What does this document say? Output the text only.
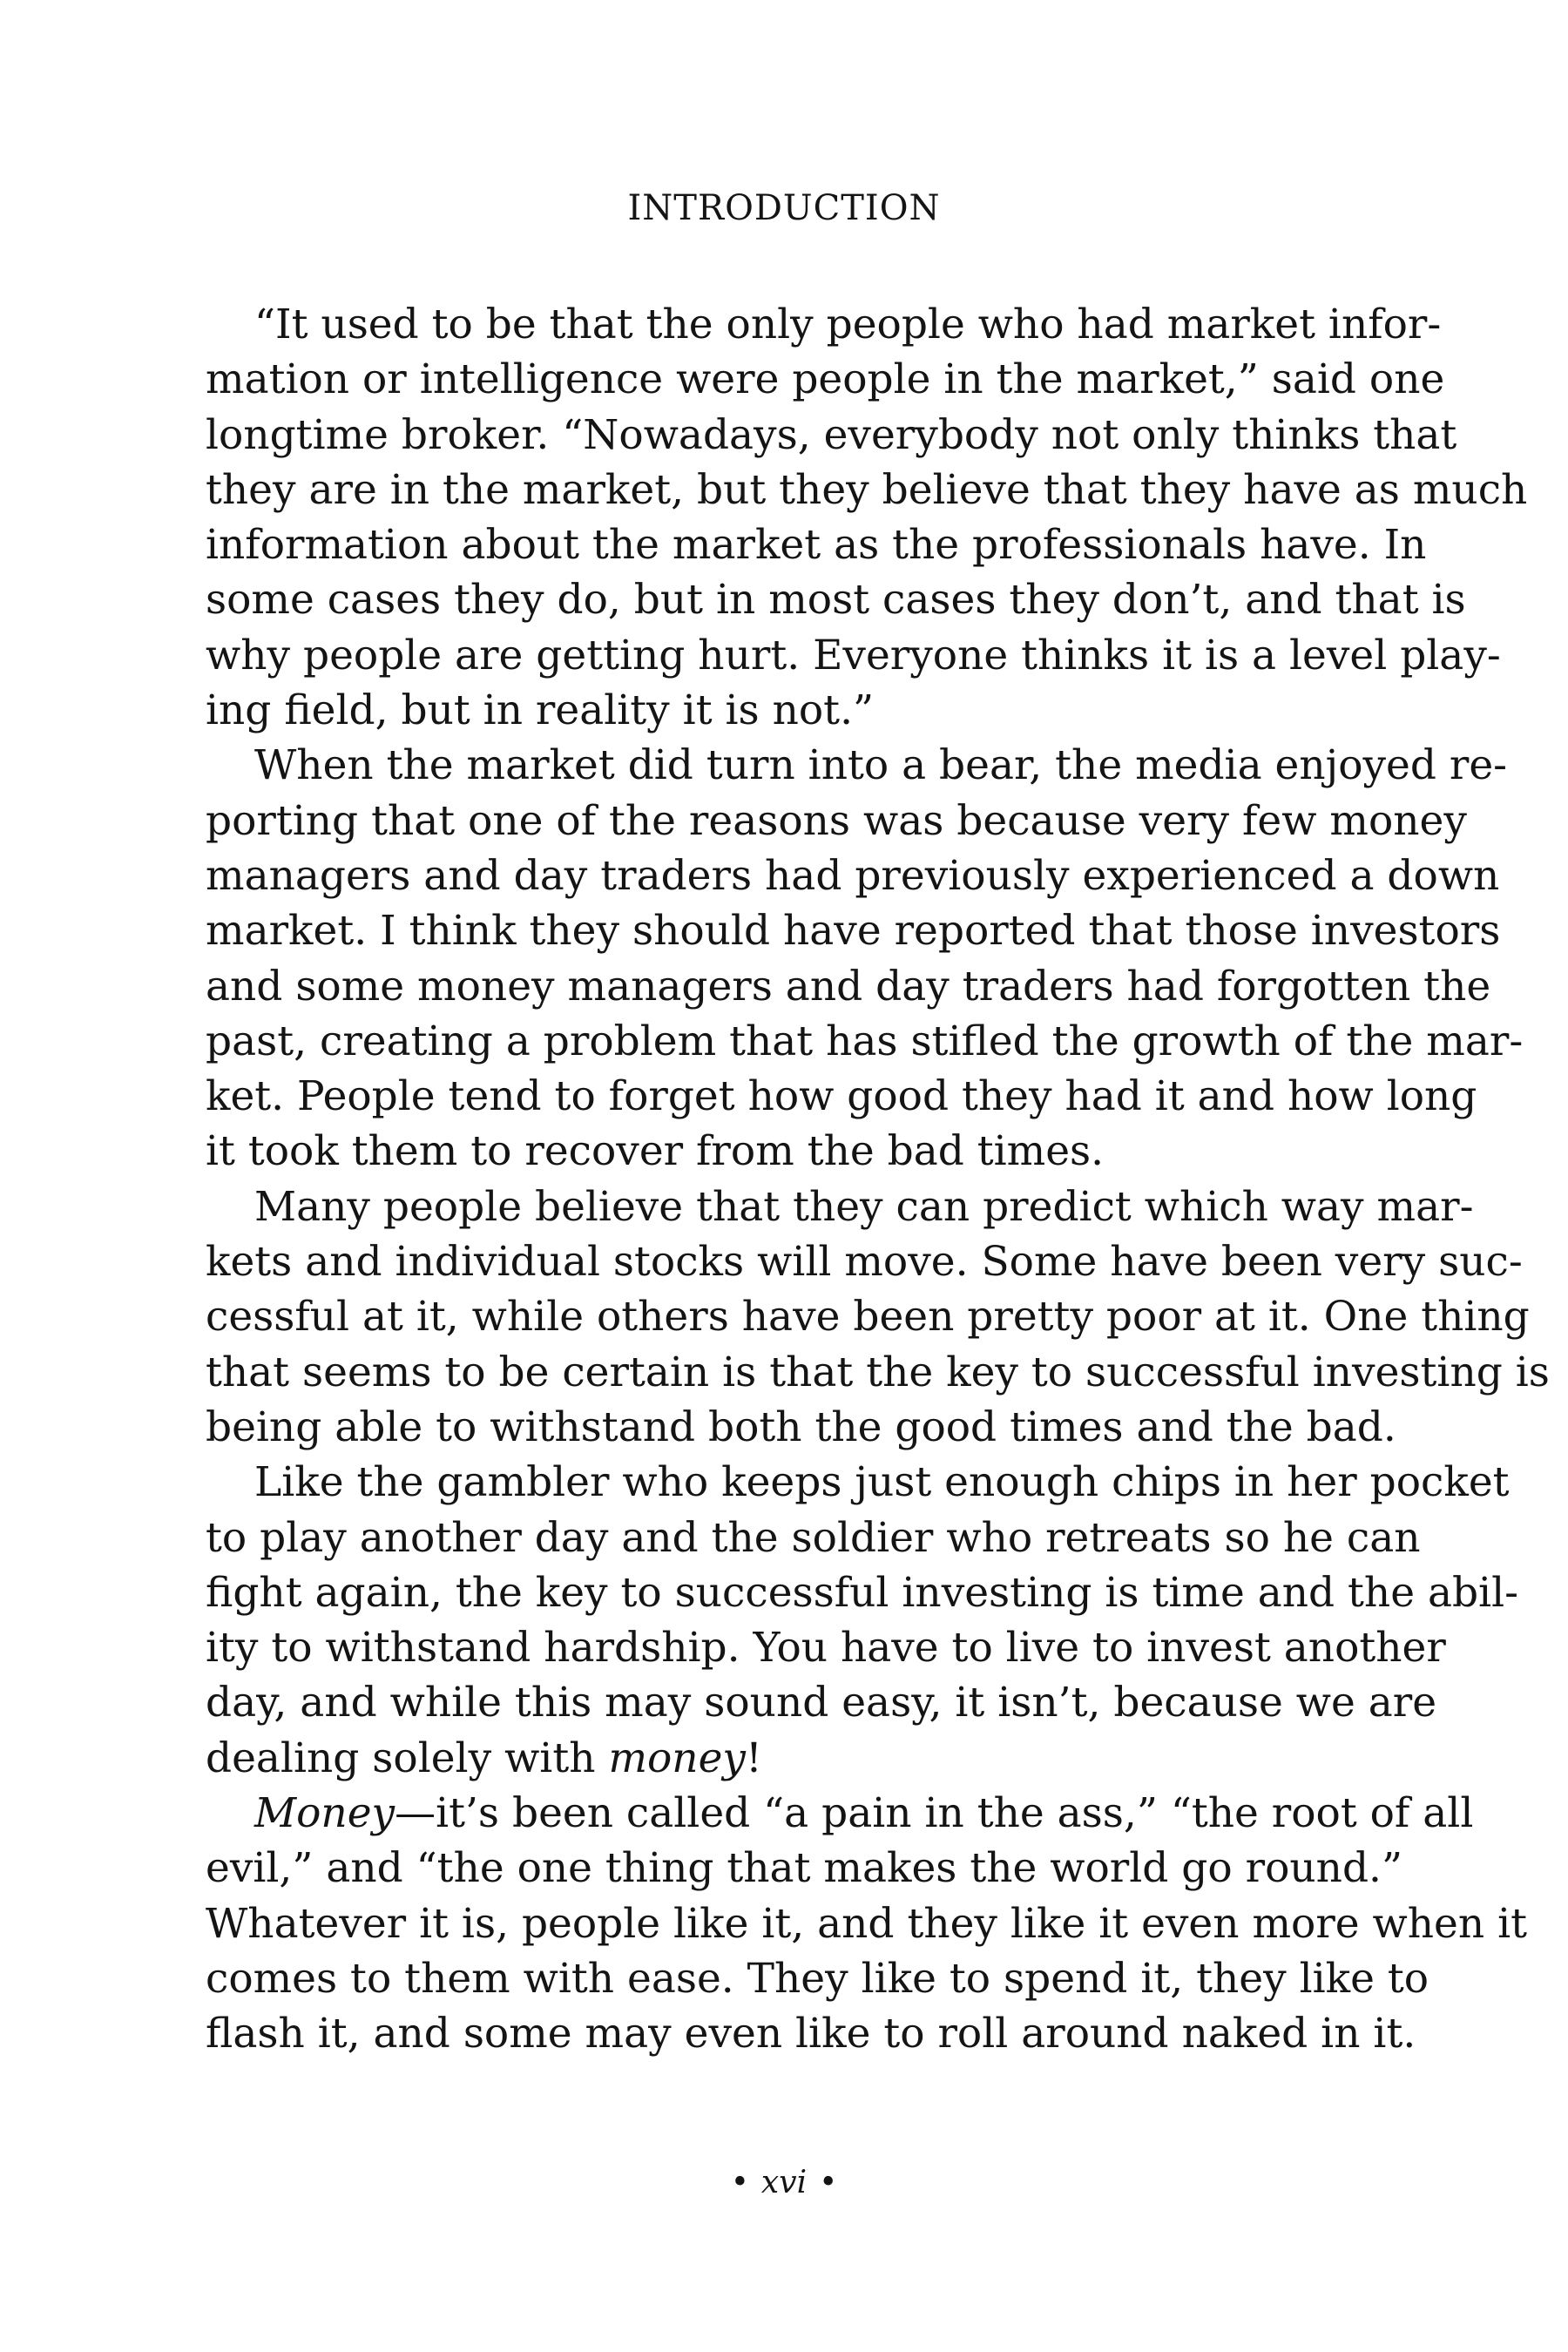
INTRODUCTION
“It used to be that the only people who had market infor-
mation or intelligence were people in the market,” said one
longtime broker. “Nowadays, everybody not only thinks that
they are in the market, but they believe that they have as much
information about the market as the professionals have. In
some cases they do, but in most cases they don’t, and that is
why people are getting hurt. Everyone thinks it is a level play-
ing field, but in reality it is not.”
When the market did turn into a bear, the media enjoyed re-
porting that one of the reasons was because very few money
managers and day traders had previously experienced a down
market. I think they should have reported that those investors
and some money managers and day traders had forgotten the
past, creating a problem that has stifled the growth of the mar-
ket. People tend to forget how good they had it and how long
it took them to recover from the bad times.
Many people believe that they can predict which way mar-
kets and individual stocks will move. Some have been very suc-
cessful at it, while others have been pretty poor at it. One thing
that seems to be certain is that the key to successful investing is
being able to withstand both the good times and the bad.
Like the gambler who keeps just enough chips in her pocket
to play another day and the soldier who retreats so he can
fight again, the key to successful investing is time and the abil-
ity to withstand hardship. You have to live to invest another
day, and while this may sound easy, it isn’t, because we are
dealing solely with money!
Money—it’s been called “a pain in the ass,” “the root of all
evil,” and “the one thing that makes the world go round.”
Whatever it is, people like it, and they like it even more when it
comes to them with ease. They like to spend it, they like to
flash it, and some may even like to roll around naked in it.
• xvi •
